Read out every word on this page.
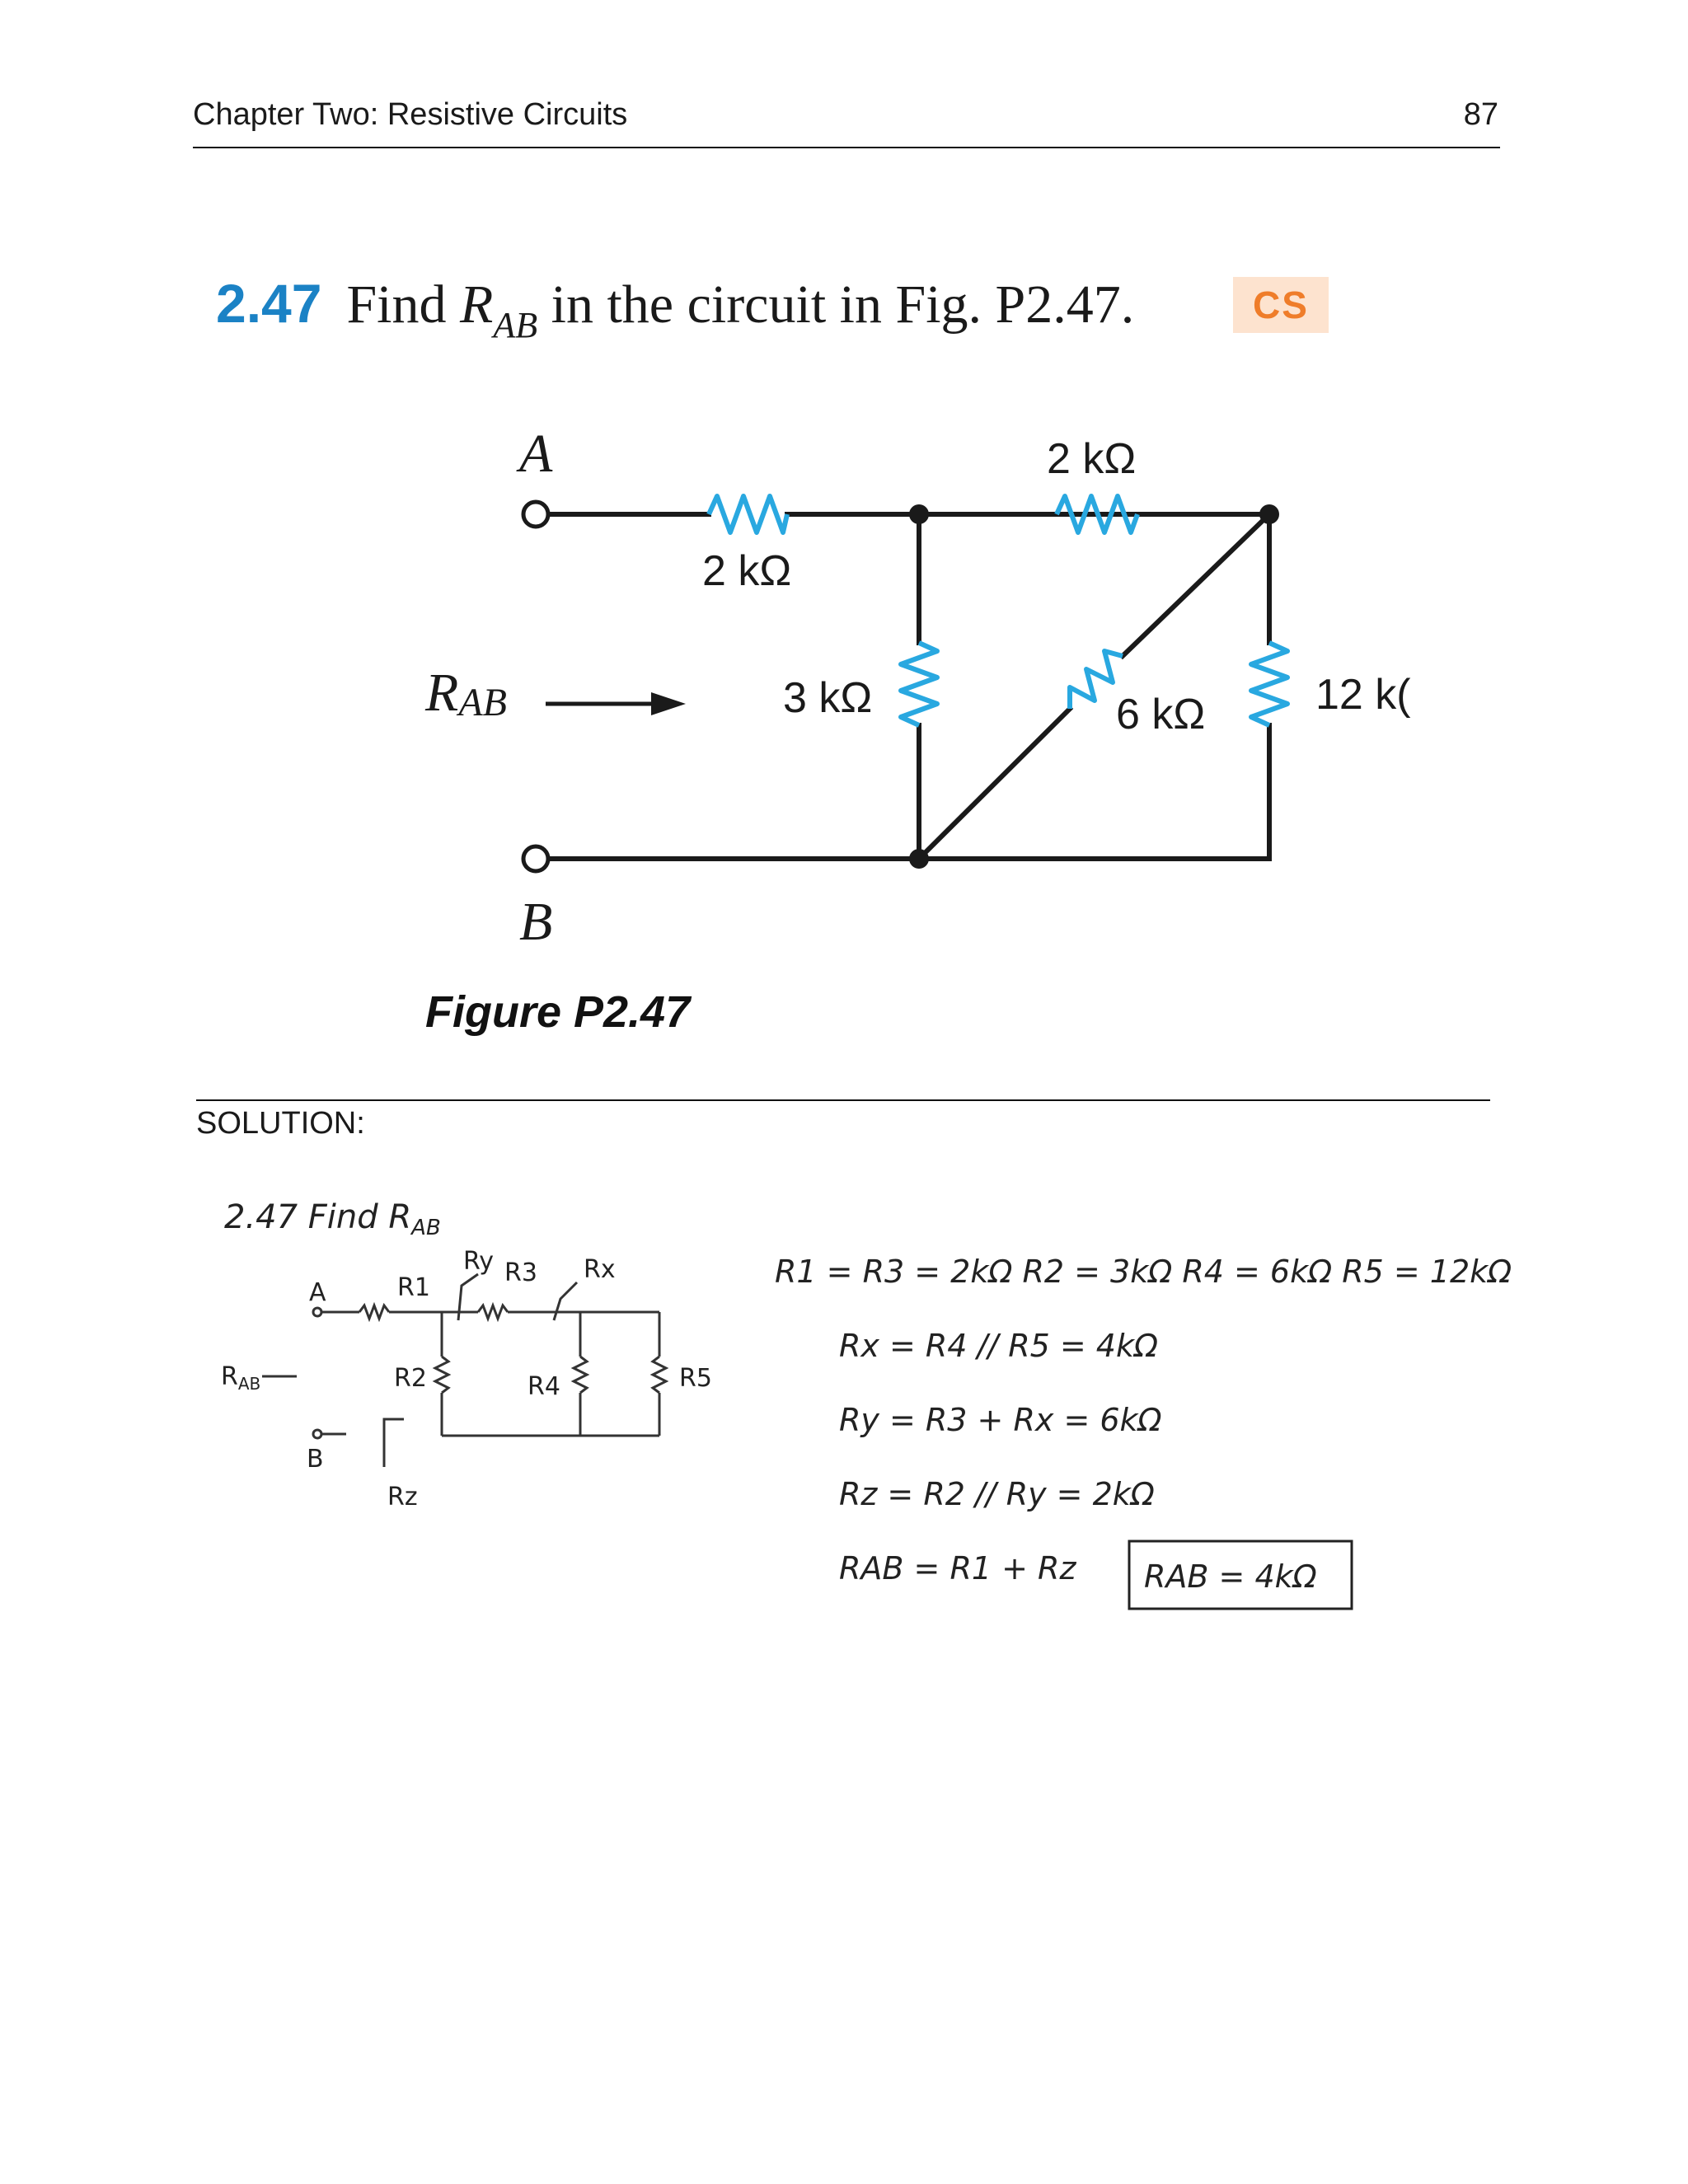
Chapter Two: Resistive Circuits	87
2.47 Find $R_{AB}$ in the circuit in Fig. P2.47.	CS
A
B
RAB
2 kΩ
2 kΩ
3 kΩ	6 kΩ	12 k(
Figure P2.47
SOLUTION:
2.47 Find $R_{AB}$
A
B
$R_{AB}$
R1
R2
R3
R4	R5
Rx
Ry
Rz
R1 = R3 = 2kΩ R2 = 3kΩ R4 = 6kΩ R5 = 12kΩ
Rx = R4 // R5 = 4kΩ
Ry = R3 + Rx = 6kΩ
Rz = R2 // Ry = 2kΩ
RAB = R1 + Rz RAB = 4kΩ
